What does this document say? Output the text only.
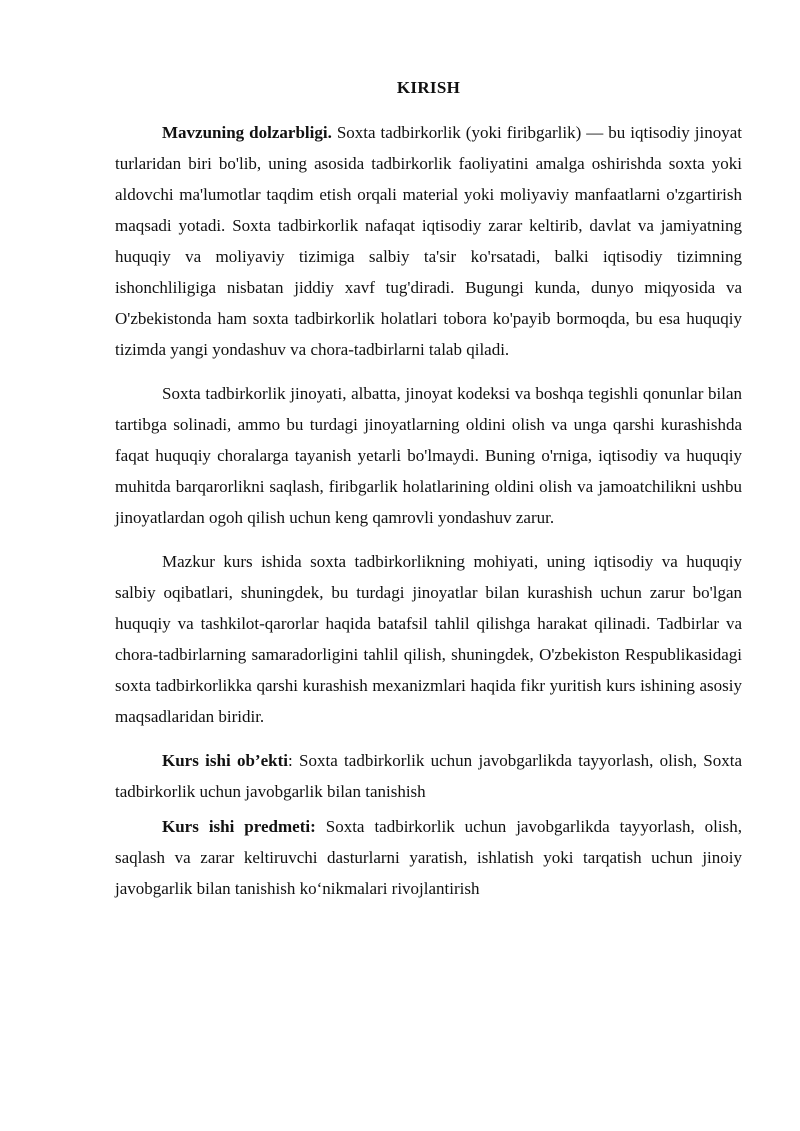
KIRISH

Mavzuning dolzarbligi. Soxta tadbirkorlik (yoki firibgarlik) — bu iqtisodiy jinoyat turlaridan biri bo'lib, uning asosida tadbirkorlik faoliyatini amalga oshirishda soxta yoki aldovchi ma'lumotlar taqdim etish orqali material yoki moliyaviy manfaatlarni o'zgartirish maqsadi yotadi. Soxta tadbirkorlik nafaqat iqtisodiy zarar keltirib, davlat va jamiyatning huquqiy va moliyaviy tizimiga salbiy ta'sir ko'rsatadi, balki iqtisodiy tizimning ishonchliligiga nisbatan jiddiy xavf tug'diradi. Bugungi kunda, dunyo miqyosida va O'zbekistonda ham soxta tadbirkorlik holatlari tobora ko'payib bormoqda, bu esa huquqiy tizimda yangi yondashuv va chora-tadbirlarni talab qiladi.

Soxta tadbirkorlik jinoyati, albatta, jinoyat kodeksi va boshqa tegishli qonunlar bilan tartibga solinadi, ammo bu turdagi jinoyatlarning oldini olish va unga qarshi kurashishda faqat huquqiy choralarga tayanish yetarli bo'lmaydi. Buning o'rniga, iqtisodiy va huquqiy muhitda barqarorlikni saqlash, firibgarlik holatlarining oldini olish va jamoatchilikni ushbu jinoyatlardan ogoh qilish uchun keng qamrovli yondashuv zarur.

Mazkur kurs ishida soxta tadbirkorlikning mohiyati, uning iqtisodiy va huquqiy salbiy oqibatlari, shuningdek, bu turdagi jinoyatlar bilan kurashish uchun zarur bo'lgan huquqiy va tashkilot-qarorlar haqida batafsil tahlil qilishga harakat qilinadi. Tadbirlar va chora-tadbirlarning samaradorligini tahlil qilish, shuningdek, O'zbekiston Respublikasidagi soxta tadbirkorlikka qarshi kurashish mexanizmlari haqida fikr yuritish kurs ishining asosiy maqsadlaridan biridir.

Kurs ishi ob’ekti: Soxta tadbirkorlik uchun javobgarlikda tayyorlash, olish, Soxta tadbirkorlik uchun javobgarlik bilan tanishish

Kurs ishi predmeti: Soxta tadbirkorlik uchun javobgarlikda tayyorlash, olish, saqlash va zarar keltiruvchi dasturlarni yaratish, ishlatish yoki tarqatish uchun jinoiy javobgarlik bilan tanishish ko‘nikmalari rivojlantirish
